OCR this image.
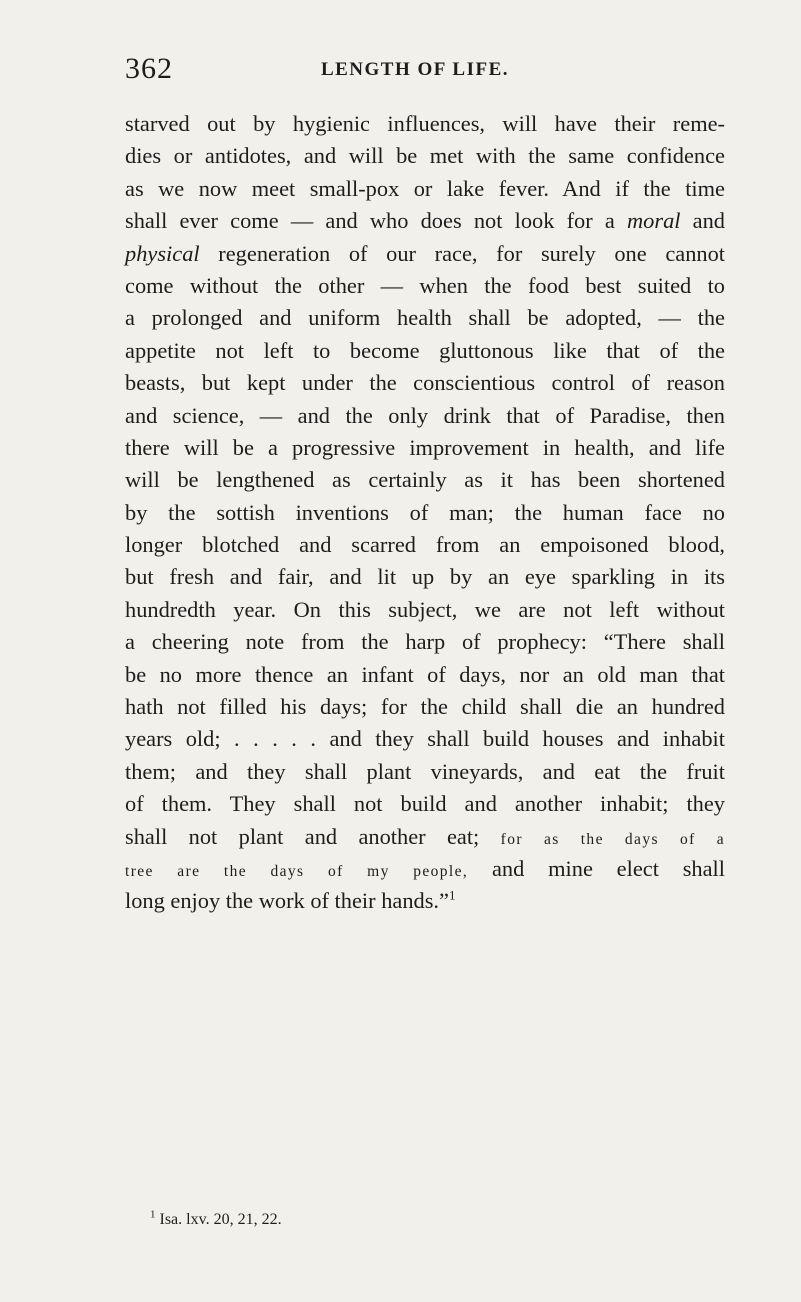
362	LENGTH OF LIFE.
starved out by hygienic influences, will have their reme-
dies or antidotes, and will be met with the same confidence
as we now meet small-pox or lake fever. And if the time
shall ever come — and who does not look for a moral and
physical regeneration of our race, for surely one cannot
come without the other — when the food best suited to
a prolonged and uniform health shall be adopted, — the
appetite not left to become gluttonous like that of the
beasts, but kept under the conscientious control of reason
and science, — and the only drink that of Paradise, then
there will be a progressive improvement in health, and life
will be lengthened as certainly as it has been shortened
by the sottish inventions of man; the human face no
longer blotched and scarred from an empoisoned blood,
but fresh and fair, and lit up by an eye sparkling in its
hundredth year. On this subject, we are not left without
a cheering note from the harp of prophecy: “There shall
be no more thence an infant of days, nor an old man that
hath not filled his days; for the child shall die an hundred
years old; . . . . . and they shall build houses and inhabit
them; and they shall plant vineyards, and eat the fruit
of them. They shall not build and another inhabit; they
shall not plant and another eat; for as the days of a
tree are the days of my people, and mine elect shall
long enjoy the work of their hands.”$^1$
$^1$ Isa. lxv. 20, 21, 22.
